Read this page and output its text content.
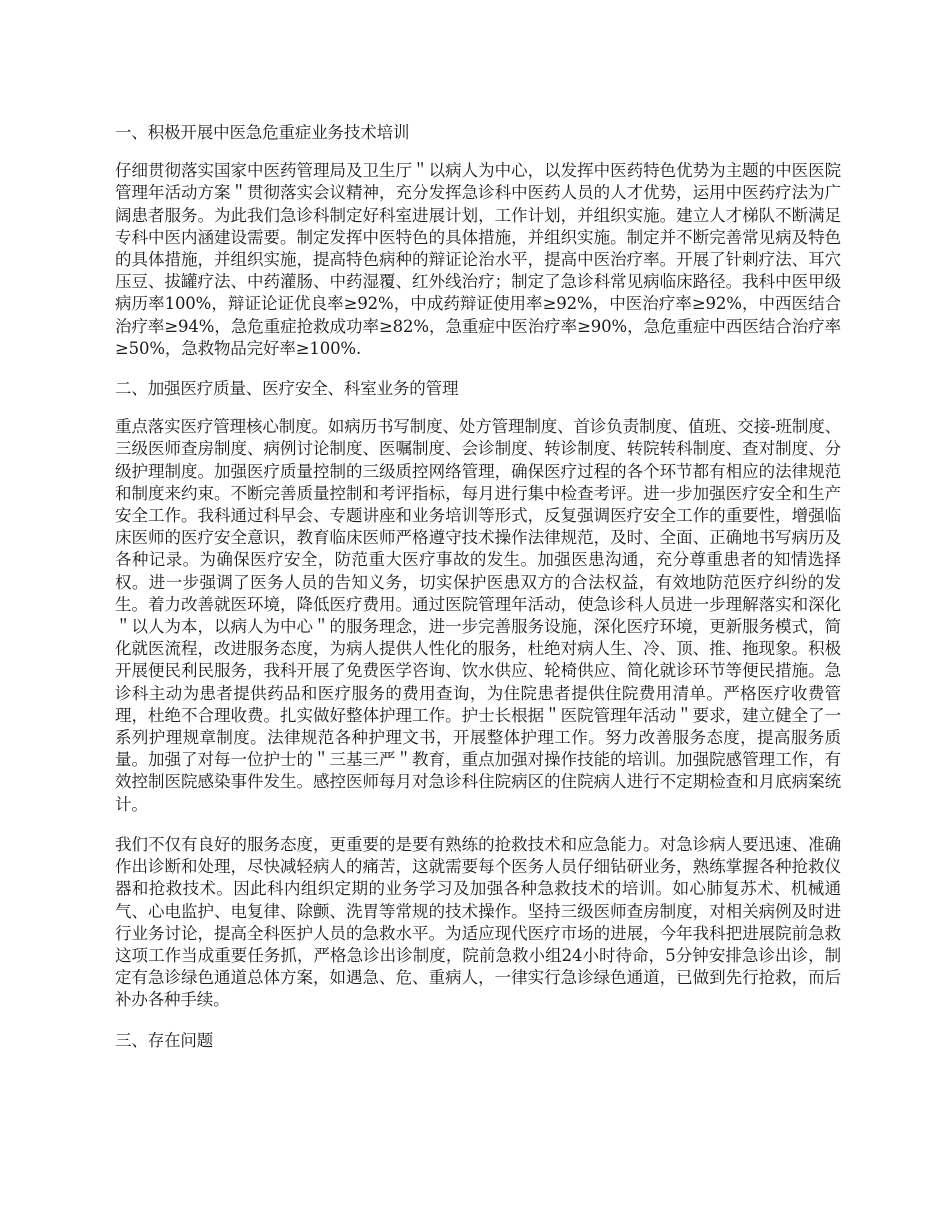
一、积极开展中医急危重症业务技术培训

仔细贯彻落实国家中医药管理局及卫生厅＂以病人为中心，以发挥中医药特色优势为主题的中医医院管理年活动方案＂贯彻落实会议精神，充分发挥急诊科中医药人员的人才优势，运用中医药疗法为广阔患者服务。为此我们急诊科制定好科室进展计划，工作计划，并组织实施。建立人才梯队不断满足专科中医内涵建设需要。制定发挥中医特色的具体措施，并组织实施。制定并不断完善常见病及特色的具体措施，并组织实施，提高特色病种的辩证论治水平，提高中医治疗率。开展了针刺疗法、耳穴压豆、拔罐疗法、中药灌肠、中药湿覆、红外线治疗；制定了急诊科常见病临床路径。我科中医甲级病历率100%，辩证论证优良率≥92%，中成药辩证使用率≥92%，中医治疗率≥92%，中西医结合治疗率≥94%，急危重症抢救成功率≥82%，急重症中医治疗率≥90%，急危重症中西医结合治疗率≥50%，急救物品完好率≥100%.

二、加强医疗质量、医疗安全、科室业务的管理

重点落实医疗管理核心制度。如病历书写制度、处方管理制度、首诊负责制度、值班、交接-班制度、三级医师查房制度、病例讨论制度、医嘱制度、会诊制度、转诊制度、转院转科制度、查对制度、分级护理制度。加强医疗质量控制的三级质控网络管理，确保医疗过程的各个环节都有相应的法律规范和制度来约束。不断完善质量控制和考评指标，每月进行集中检查考评。进一步加强医疗安全和生产安全工作。我科通过科早会、专题讲座和业务培训等形式，反复强调医疗安全工作的重要性，增强临床医师的医疗安全意识，教育临床医师严格遵守技术操作法律规范，及时、全面、正确地书写病历及各种记录。为确保医疗安全，防范重大医疗事故的发生。加强医患沟通，充分尊重患者的知情选择权。进一步强调了医务人员的告知义务，切实保护医患双方的合法权益，有效地防范医疗纠纷的发生。着力改善就医环境，降低医疗费用。通过医院管理年活动，使急诊科人员进一步理解落实和深化＂以人为本，以病人为中心＂的服务理念，进一步完善服务设施，深化医疗环境，更新服务模式，简化就医流程，改进服务态度，为病人提供人性化的服务，杜绝对病人生、冷、顶、推、拖现象。积极开展便民利民服务，我科开展了免费医学咨询、饮水供应、轮椅供应、简化就诊环节等便民措施。急诊科主动为患者提供药品和医疗服务的费用查询，为住院患者提供住院费用清单。严格医疗收费管理，杜绝不合理收费。扎实做好整体护理工作。护士长根据＂医院管理年活动＂要求，建立健全了一系列护理规章制度。法律规范各种护理文书，开展整体护理工作。努力改善服务态度，提高服务质量。加强了对每一位护士的＂三基三严＂教育，重点加强对操作技能的培训。加强院感管理工作，有效控制医院感染事件发生。感控医师每月对急诊科住院病区的住院病人进行不定期检查和月底病案统计。

我们不仅有良好的服务态度，更重要的是要有熟练的抢救技术和应急能力。对急诊病人要迅速、准确作出诊断和处理，尽快减轻病人的痛苦，这就需要每个医务人员仔细钻研业务，熟练掌握各种抢救仪器和抢救技术。因此科内组织定期的业务学习及加强各种急救技术的培训。如心肺复苏术、机械通气、心电监护、电复律、除颤、洗胃等常规的技术操作。坚持三级医师查房制度，对相关病例及时进行业务讨论，提高全科医护人员的急救水平。为适应现代医疗市场的进展，今年我科把进展院前急救这项工作当成重要任务抓，严格急诊出诊制度，院前急救小组24小时待命，5分钟安排急诊出诊，制定有急诊绿色通道总体方案，如遇急、危、重病人，一律实行急诊绿色通道，已做到先行抢救，而后补办各种手续。

三、存在问题
